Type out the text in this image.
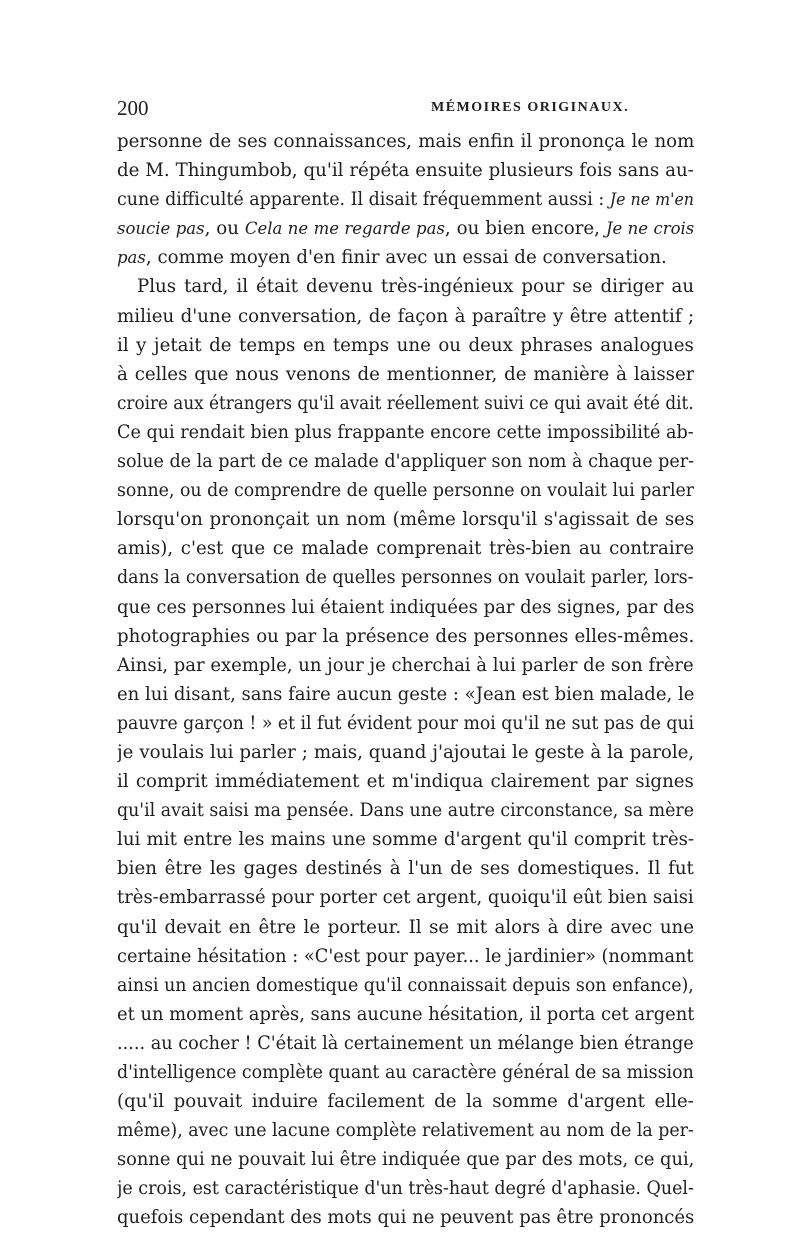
200	MÉMOIRES ORIGINAUX.
personne de ses connaissances, mais enfin il prononça le nom
de M. Thingumbob, qu'il répéta ensuite plusieurs fois sans au-
cune difficulté apparente. Il disait fréquemment aussi : Je ne m'en
soucie pas, ou Cela ne me regarde pas, ou bien encore, Je ne crois
pas, comme moyen d'en finir avec un essai de conversation.
Plus tard, il était devenu très-ingénieux pour se diriger au
milieu d'une conversation, de façon à paraître y être attentif ;
il y jetait de temps en temps une ou deux phrases analogues
à celles que nous venons de mentionner, de manière à laisser
croire aux étrangers qu'il avait réellement suivi ce qui avait été dit.
Ce qui rendait bien plus frappante encore cette impossibilité ab-
solue de la part de ce malade d'appliquer son nom à chaque per-
sonne, ou de comprendre de quelle personne on voulait lui parler
lorsqu'on prononçait un nom (même lorsqu'il s'agissait de ses
amis), c'est que ce malade comprenait très-bien au contraire
dans la conversation de quelles personnes on voulait parler, lors-
que ces personnes lui étaient indiquées par des signes, par des
photographies ou par la présence des personnes elles-mêmes.
Ainsi, par exemple, un jour je cherchai à lui parler de son frère
en lui disant, sans faire aucun geste : «Jean est bien malade, le
pauvre garçon ! » et il fut évident pour moi qu'il ne sut pas de qui
je voulais lui parler ; mais, quand j'ajoutai le geste à la parole,
il comprit immédiatement et m'indiqua clairement par signes
qu'il avait saisi ma pensée. Dans une autre circonstance, sa mère
lui mit entre les mains une somme d'argent qu'il comprit très-
bien être les gages destinés à l'un de ses domestiques. Il fut
très-embarrassé pour porter cet argent, quoiqu'il eût bien saisi
qu'il devait en être le porteur. Il se mit alors à dire avec une
certaine hésitation : «C'est pour payer... le jardinier» (nommant
ainsi un ancien domestique qu'il connaissait depuis son enfance),
et un moment après, sans aucune hésitation, il porta cet argent
..... au cocher ! C'était là certainement un mélange bien étrange
d'intelligence complète quant au caractère général de sa mission
(qu'il pouvait induire facilement de la somme d'argent elle-
même), avec une lacune complète relativement au nom de la per-
sonne qui ne pouvait lui être indiquée que par des mots, ce qui,
je crois, est caractéristique d'un très-haut degré d'aphasie. Quel-
quefois cependant des mots qui ne peuvent pas être prononcés
